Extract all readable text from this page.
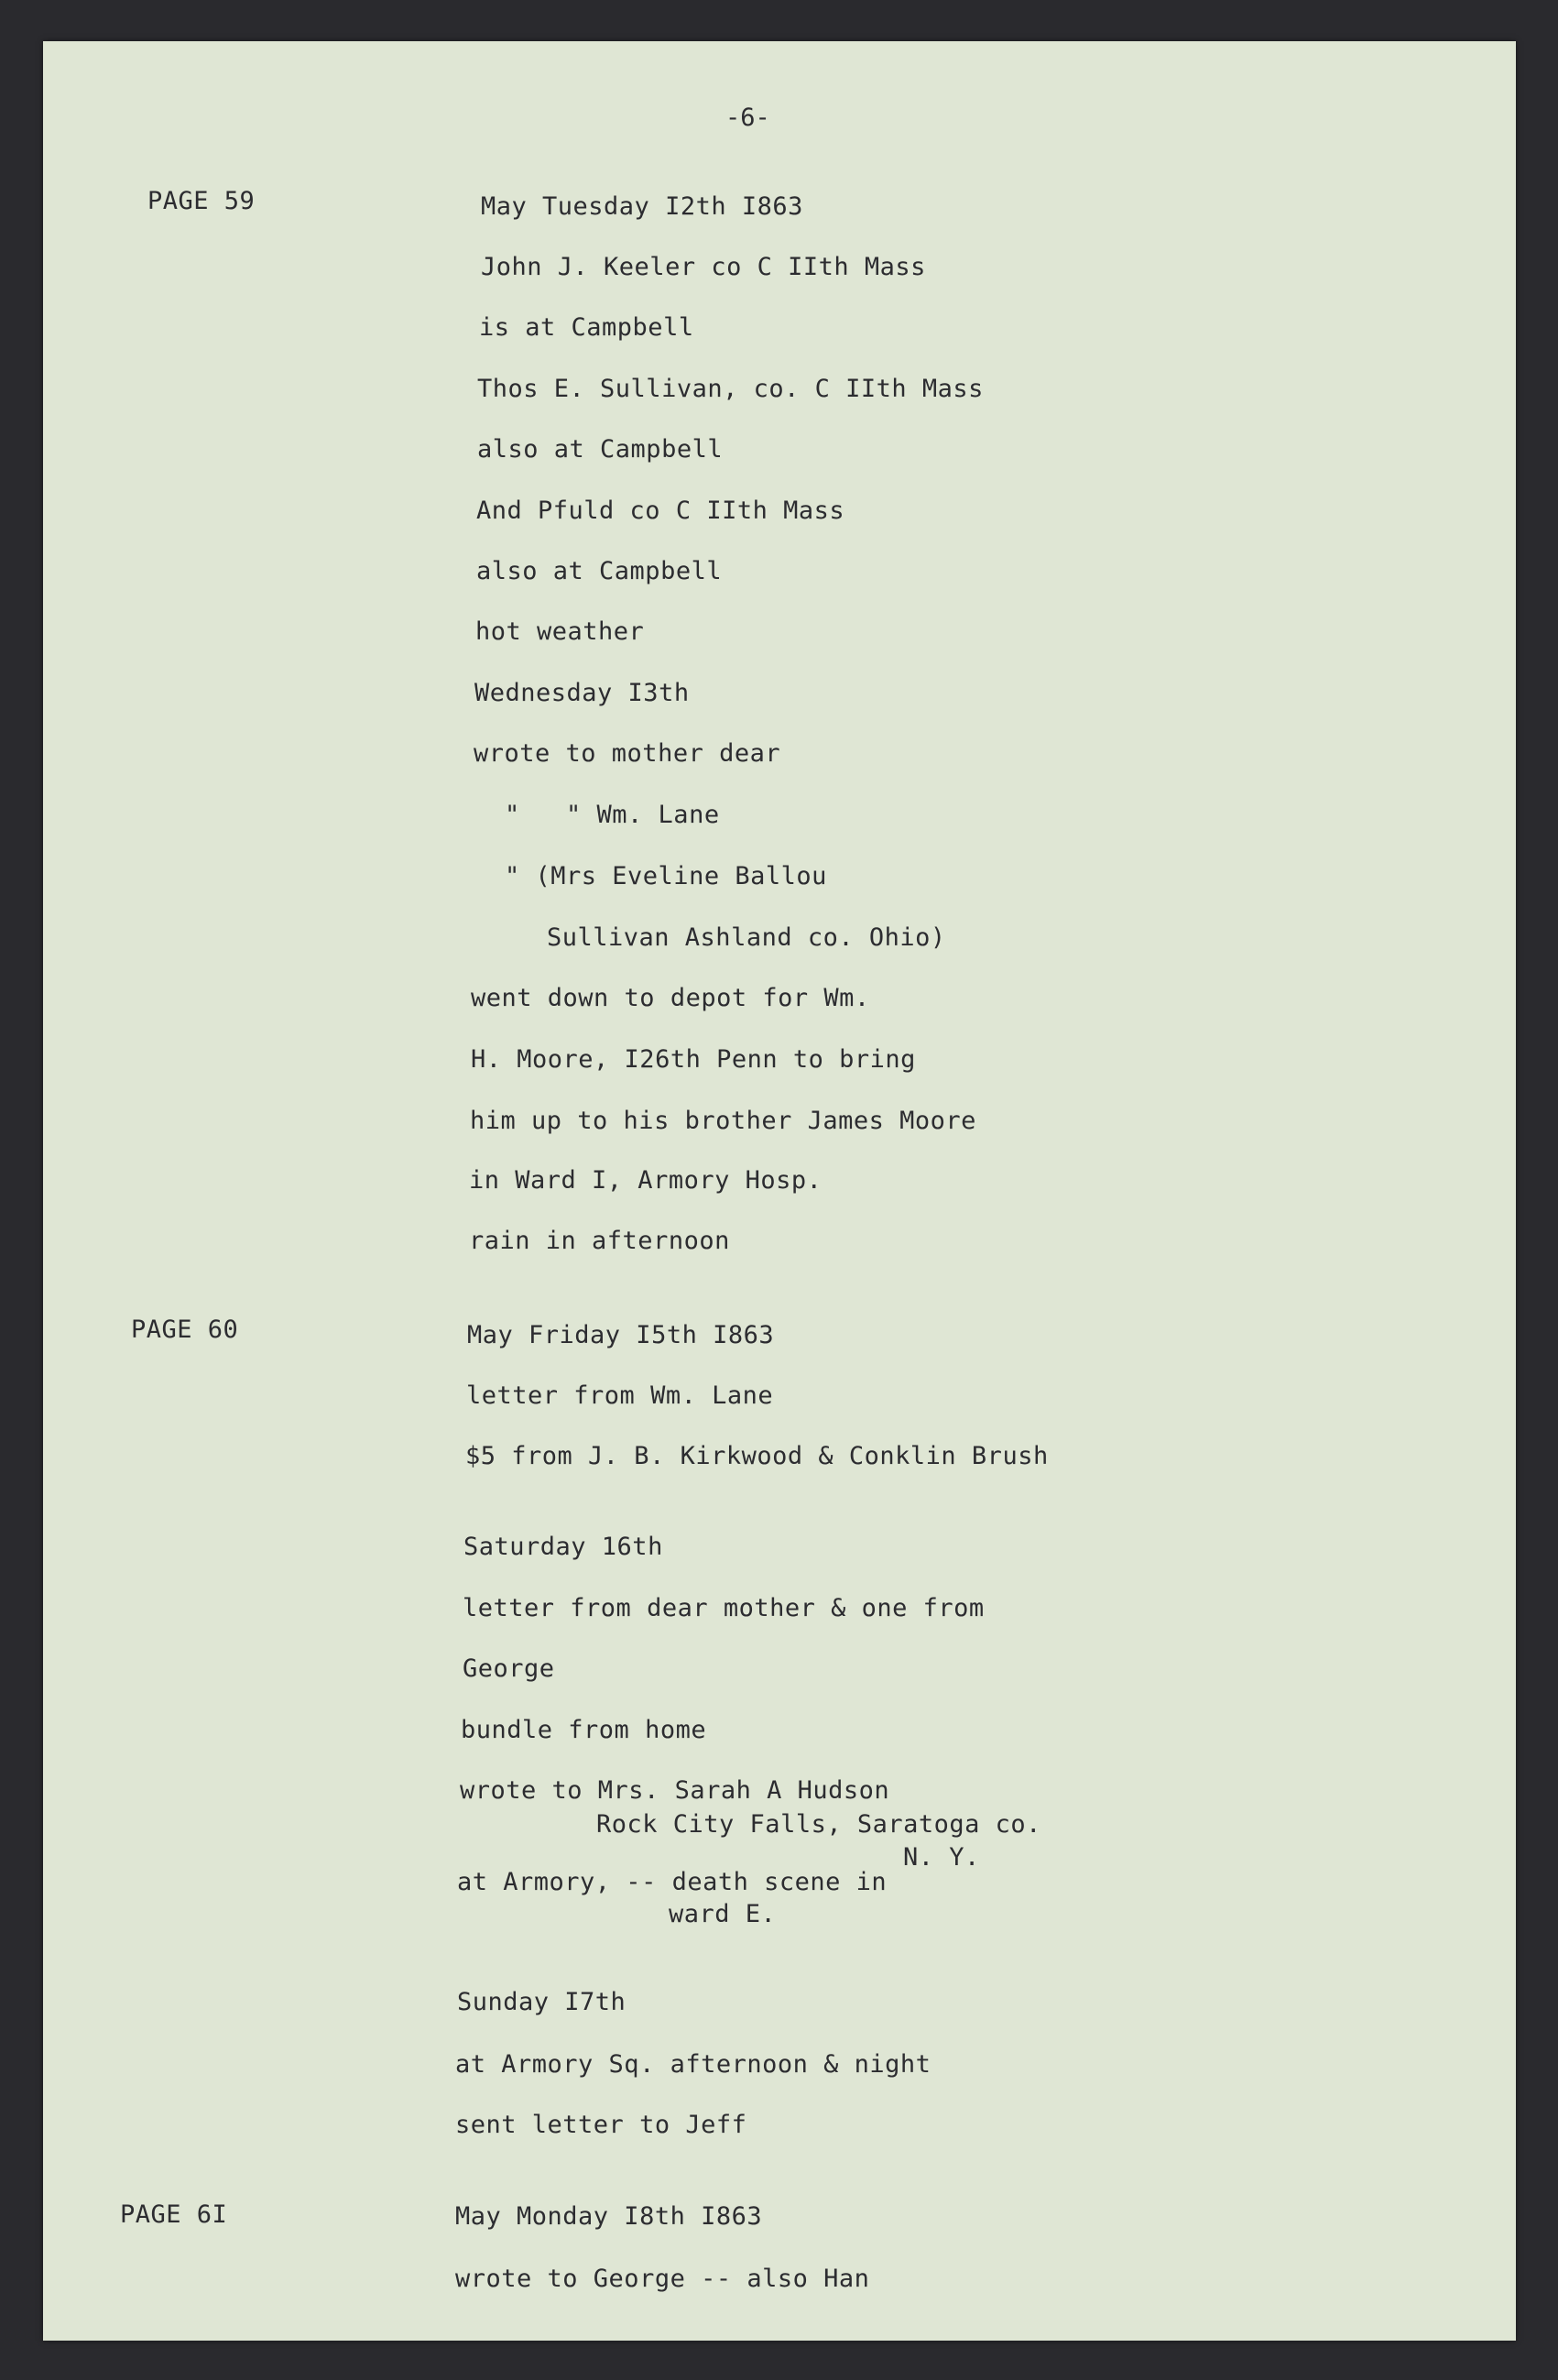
-6-
PAGE 59
PAGE 60
PAGE 6I
May Tuesday I2th I863
John J. Keeler co C IIth Mass
is at Campbell
Thos E. Sullivan, co. C IIth Mass
also at Campbell
And Pfuld co C IIth Mass
also at Campbell
hot weather
Wednesday I3th
wrote to mother dear
"   " Wm. Lane
" (Mrs Eveline Ballou
Sullivan Ashland co. Ohio)
went down to depot for Wm.
H. Moore, I26th Penn to bring
him up to his brother James Moore
in Ward I, Armory Hosp.
rain in afternoon
May Friday I5th I863
letter from Wm. Lane
$5 from J. B. Kirkwood & Conklin Brush
Saturday 16th
letter from dear mother & one from
George
bundle from home
wrote to Mrs. Sarah A Hudson
Rock City Falls, Saratoga co.
N. Y.
at Armory, -- death scene in
ward E.
Sunday I7th
at Armory Sq. afternoon & night
sent letter to Jeff
May Monday I8th I863
wrote to George -- also Han
